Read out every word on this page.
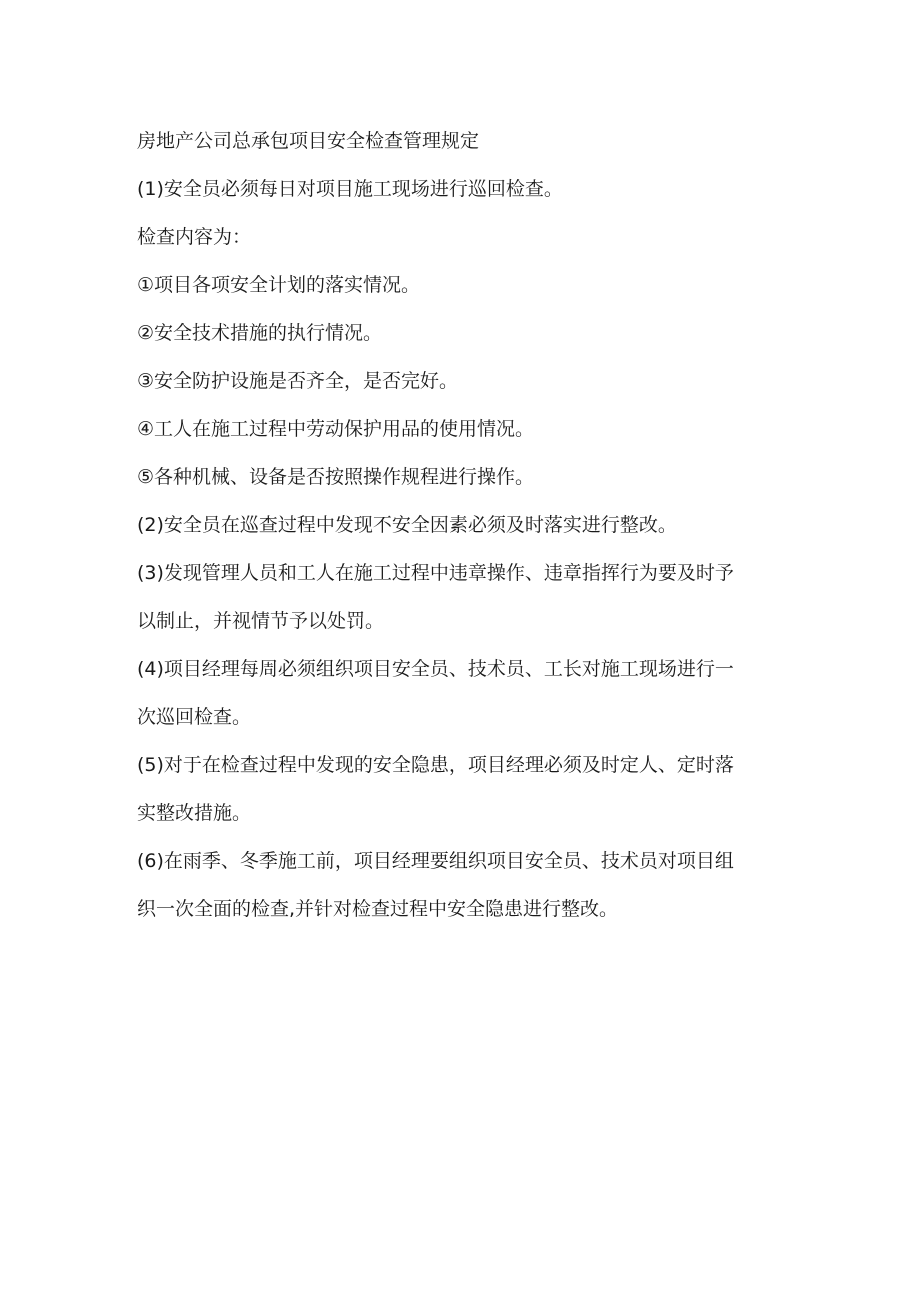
房地产公司总承包项目安全检查管理规定
(1)安全员必须每日对项目施工现场进行巡回检查。
检查内容为：
①项目各项安全计划的落实情况。
②安全技术措施的执行情况。
③安全防护设施是否齐全，是否完好。
④工人在施工过程中劳动保护用品的使用情况。
⑤各种机械、设备是否按照操作规程进行操作。
(2)安全员在巡查过程中发现不安全因素必须及时落实进行整改。
(3)发现管理人员和工人在施工过程中违章操作、违章指挥行为要及时予
以制止，并视情节予以处罚。
(4)项目经理每周必须组织项目安全员、技术员、工长对施工现场进行一
次巡回检查。
(5)对于在检查过程中发现的安全隐患，项目经理必须及时定人、定时落
实整改措施。
(6)在雨季、冬季施工前，项目经理要组织项目安全员、技术员对项目组
织一次全面的检查,并针对检查过程中安全隐患进行整改。
